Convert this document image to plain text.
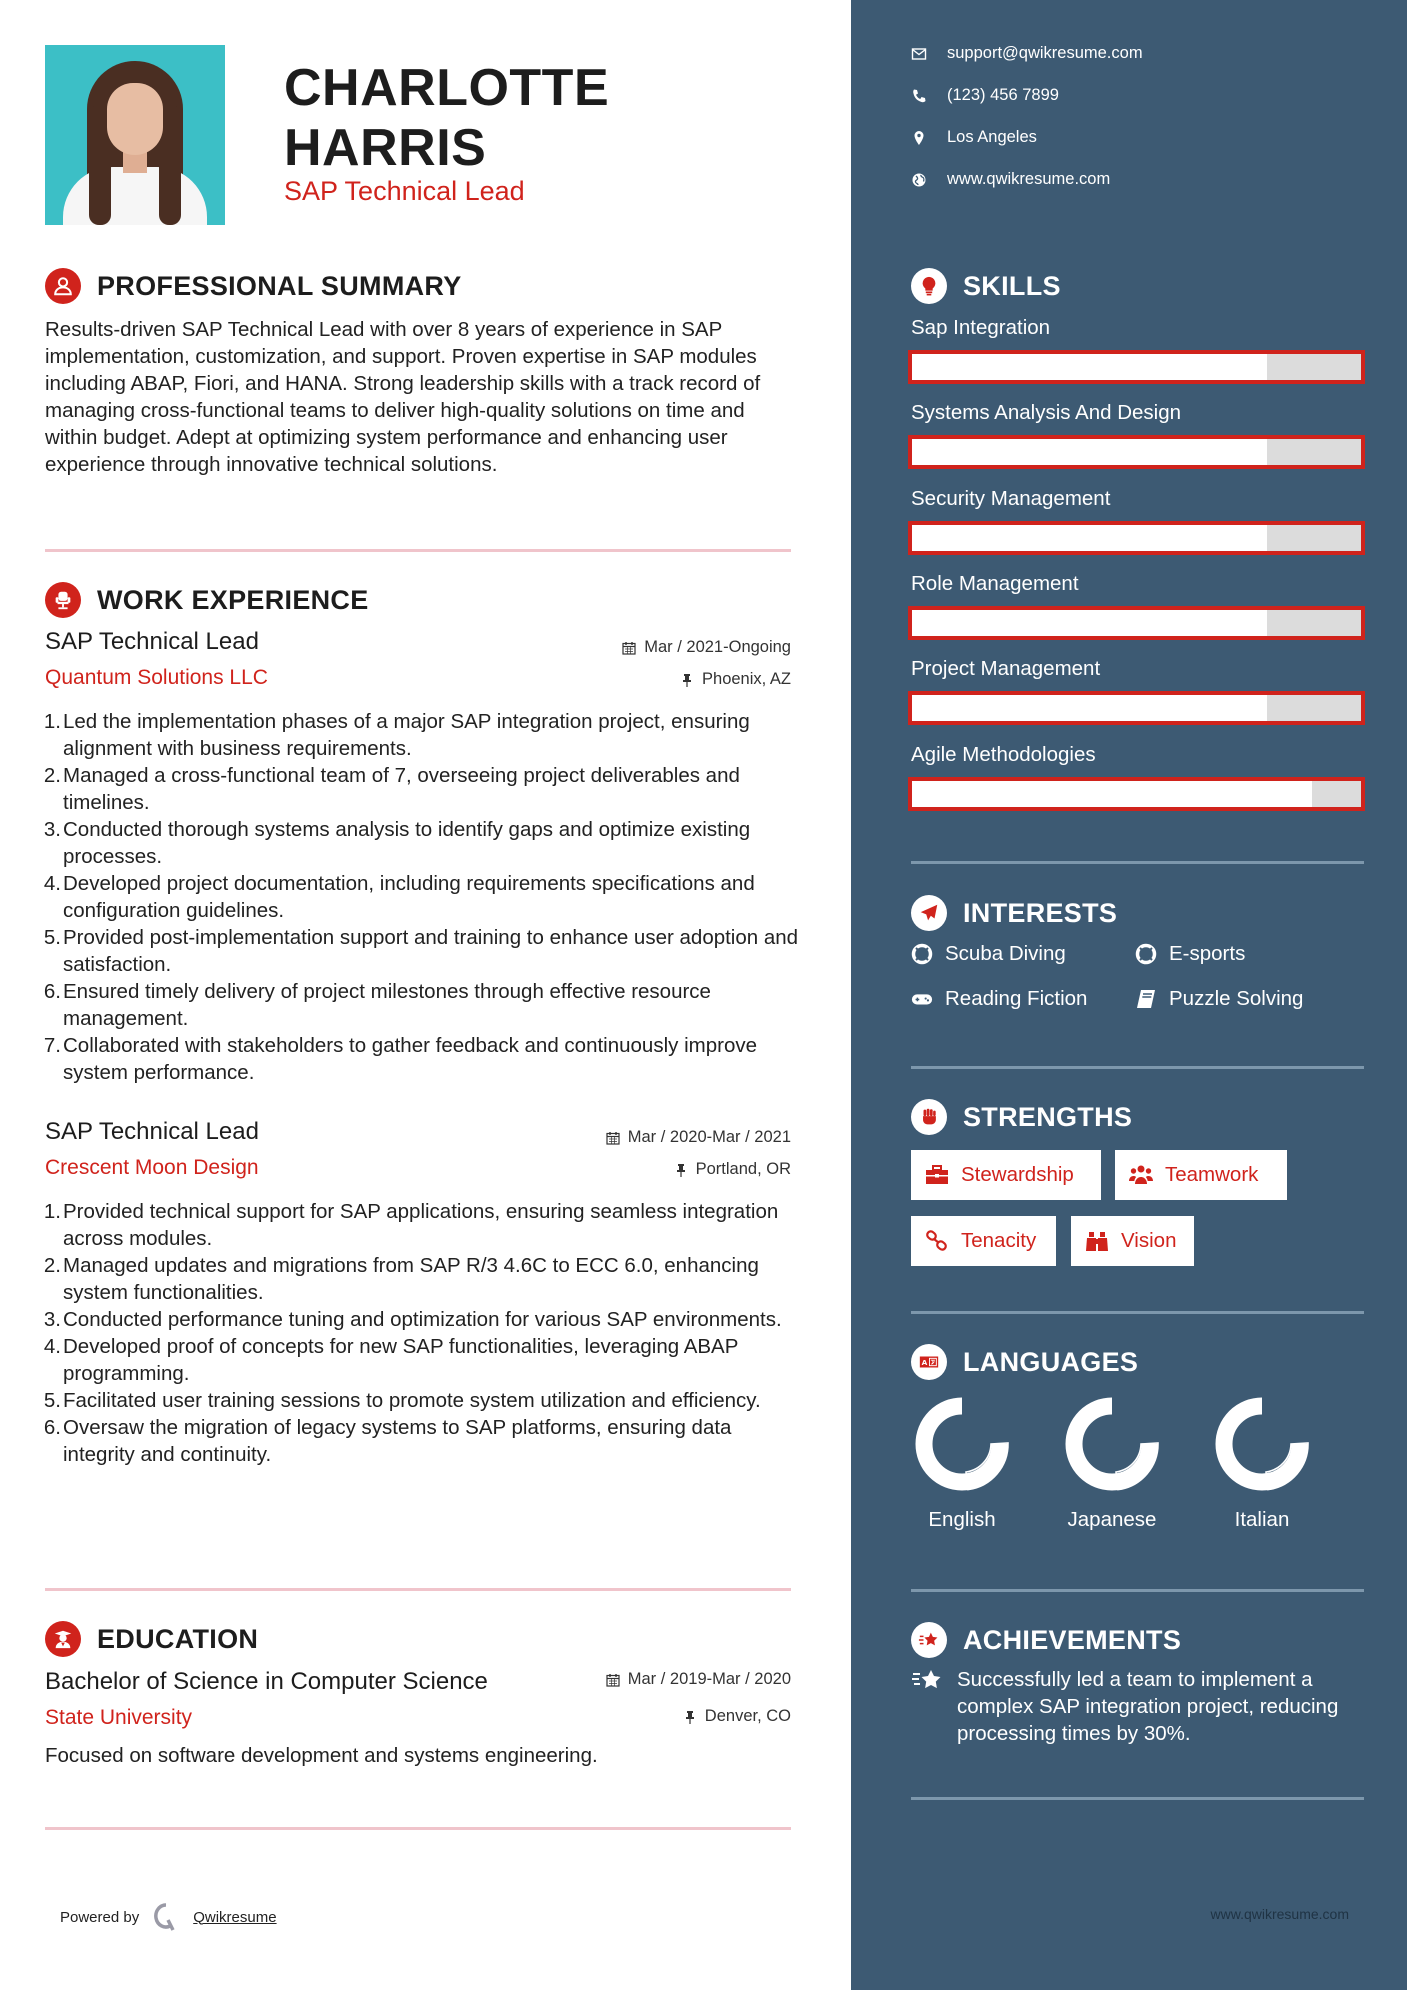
CHARLOTTE
HARRIS
SAP Technical Lead
PROFESSIONAL SUMMARY
Results-driven SAP Technical Lead with over 8 years of experience in SAP implementation, customization, and support. Proven expertise in SAP modules including ABAP, Fiori, and HANA. Strong leadership skills with a track record of managing cross-functional teams to deliver high-quality solutions on time and within budget. Adept at optimizing system performance and enhancing user experience through innovative technical solutions.
WORK EXPERIENCE
SAP Technical Lead	Mar / 2021-Ongoing
Quantum Solutions LLC	Phoenix, AZ
1. Led the implementation phases of a major SAP integration project, ensuring alignment with business requirements.
2. Managed a cross-functional team of 7, overseeing project deliverables and timelines.
3. Conducted thorough systems analysis to identify gaps and optimize existing processes.
4. Developed project documentation, including requirements specifications and configuration guidelines.
5. Provided post-implementation support and training to enhance user adoption and satisfaction.
6. Ensured timely delivery of project milestones through effective resource management.
7. Collaborated with stakeholders to gather feedback and continuously improve system performance.
SAP Technical Lead	Mar / 2020-Mar / 2021
Crescent Moon Design	Portland, OR
1. Provided technical support for SAP applications, ensuring seamless integration across modules.
2. Managed updates and migrations from SAP R/3 4.6C to ECC 6.0, enhancing system functionalities.
3. Conducted performance tuning and optimization for various SAP environments.
4. Developed proof of concepts for new SAP functionalities, leveraging ABAP programming.
5. Facilitated user training sessions to promote system utilization and efficiency.
6. Oversaw the migration of legacy systems to SAP platforms, ensuring data integrity and continuity.
EDUCATION
Bachelor of Science in Computer Science	Mar / 2019-Mar / 2020
State University	Denver, CO
Focused on software development and systems engineering.
Powered by	Qwikresume
support@qwikresume.com
(123) 456 7899
Los Angeles
www.qwikresume.com
SKILLS
Sap Integration
Systems Analysis And Design
Security Management
Role Management
Project Management
Agile Methodologies
INTERESTS
Scuba Diving	E-sports
Reading Fiction	Puzzle Solving
STRENGTHS
Stewardship	Teamwork
Tenacity	Vision
A LANGUAGES
English	Japanese	Italian
ACHIEVEMENTS
Successfully led a team to implement a complex SAP integration project, reducing processing times by 30%.
www.qwikresume.com
